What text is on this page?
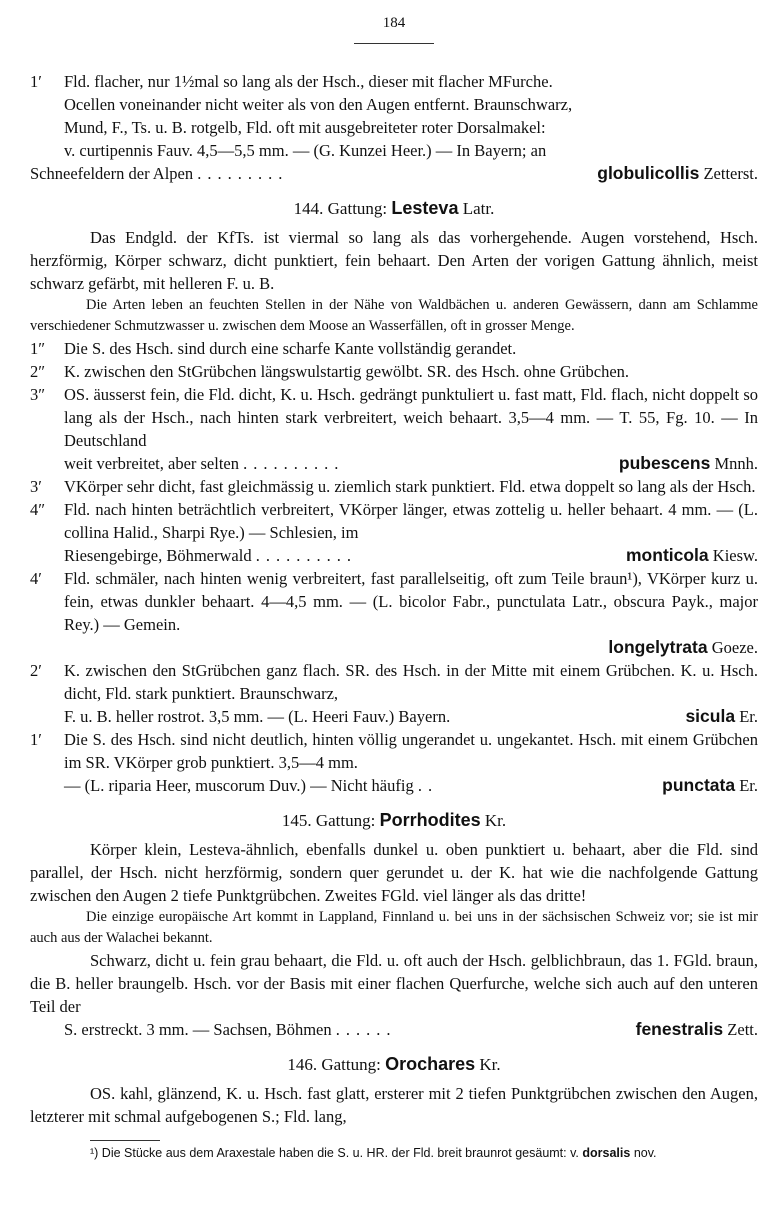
184
1′ Fld. flacher, nur 1½mal so lang als der Hsch., dieser mit flacher MFurche.
Ocellen voneinander nicht weiter als von den Augen entfernt. Braunschwarz,
Mund, F., Ts. u. B. rotgelb, Fld. oft mit ausgebreiteter roter Dorsalmakel:
v. curtipennis Fauv. 4,5—5,5 mm. — (G. Kunzei Heer.) — In Bayern; an
Schneefeldern der Alpen .........	globulicollis Zetterst.
144. Gattung: Lesteva Latr.
Das Endgld. der KfTs. ist viermal so lang als das vorhergehende. Augen vorstehend, Hsch. herzförmig, Körper schwarz, dicht punktiert, fein behaart. Den Arten der vorigen Gattung ähnlich, meist schwarz gefärbt, mit helleren F. u. B.
Die Arten leben an feuchten Stellen in der Nähe von Waldbächen u. anderen Gewässern, dann am Schlamme verschiedener Schmutzwasser u. zwischen dem Moose an Wasserfällen, oft in grosser Menge.
1″ Die S. des Hsch. sind durch eine scharfe Kante vollständig gerandet.
2″ K. zwischen den StGrübchen längswulstartig gewölbt. SR. des Hsch. ohne Grübchen.
3″ OS. äusserst fein, die Fld. dicht, K. u. Hsch. gedrängt punktuliert u. fast matt, Fld. flach, nicht doppelt so lang als der Hsch., nach hinten stark verbreitert, weich behaart. 3,5—4 mm. — T. 55, Fg. 10. — In Deutschland
weit verbreitet, aber selten ..........	pubescens Mnnh.
3′ VKörper sehr dicht, fast gleichmässig u. ziemlich stark punktiert. Fld. etwa doppelt so lang als der Hsch.
4″ Fld. nach hinten beträchtlich verbreitert, VKörper länger, etwas zottelig u. heller behaart. 4 mm. — (L. collina Halid., Sharpi Rye.) — Schlesien, im
Riesengebirge, Böhmerwald ..........	monticola Kiesw.
4′ Fld. schmäler, nach hinten wenig verbreitert, fast parallelseitig, oft zum Teile braun¹), VKörper kurz u. fein, etwas dunkler behaart. 4—4,5 mm. — (L. bicolor Fabr., punctulata Latr., obscura Payk., major Rey.) — Gemein.
longelytrata Goeze.
2′ K. zwischen den StGrübchen ganz flach. SR. des Hsch. in der Mitte mit einem Grübchen. K. u. Hsch. dicht, Fld. stark punktiert. Braunschwarz,
F. u. B. heller rostrot. 3,5 mm. — (L. Heeri Fauv.) Bayern.	sicula Er.
1′ Die S. des Hsch. sind nicht deutlich, hinten völlig ungerandet u. ungekantet. Hsch. mit einem Grübchen im SR. VKörper grob punktiert. 3,5—4 mm.
— (L. riparia Heer, muscorum Duv.) — Nicht häufig ..	punctata Er.
145. Gattung: Porrhodites Kr.
Körper klein, Lesteva-ähnlich, ebenfalls dunkel u. oben punktiert u. behaart, aber die Fld. sind parallel, der Hsch. nicht herzförmig, sondern quer gerundet u. der K. hat wie die nachfolgende Gattung zwischen den Augen 2 tiefe Punktgrübchen. Zweites FGld. viel länger als das dritte!
Die einzige europäische Art kommt in Lappland, Finnland u. bei uns in der sächsischen Schweiz vor; sie ist mir auch aus der Walachei bekannt.
Schwarz, dicht u. fein grau behaart, die Fld. u. oft auch der Hsch. gelblichbraun, das 1. FGld. braun, die B. heller braungelb. Hsch. vor der Basis mit einer flachen Querfurche, welche sich auch auf den unteren Teil der
S. erstreckt. 3 mm. — Sachsen, Böhmen ......	fenestralis Zett.
146. Gattung: Orochares Kr.
OS. kahl, glänzend, K. u. Hsch. fast glatt, ersterer mit 2 tiefen Punktgrübchen zwischen den Augen, letzterer mit schmal aufgebogenen S.; Fld. lang,
¹) Die Stücke aus dem Araxestale haben die S. u. HR. der Fld. breit braunrot gesäumt: v. dorsalis nov.
